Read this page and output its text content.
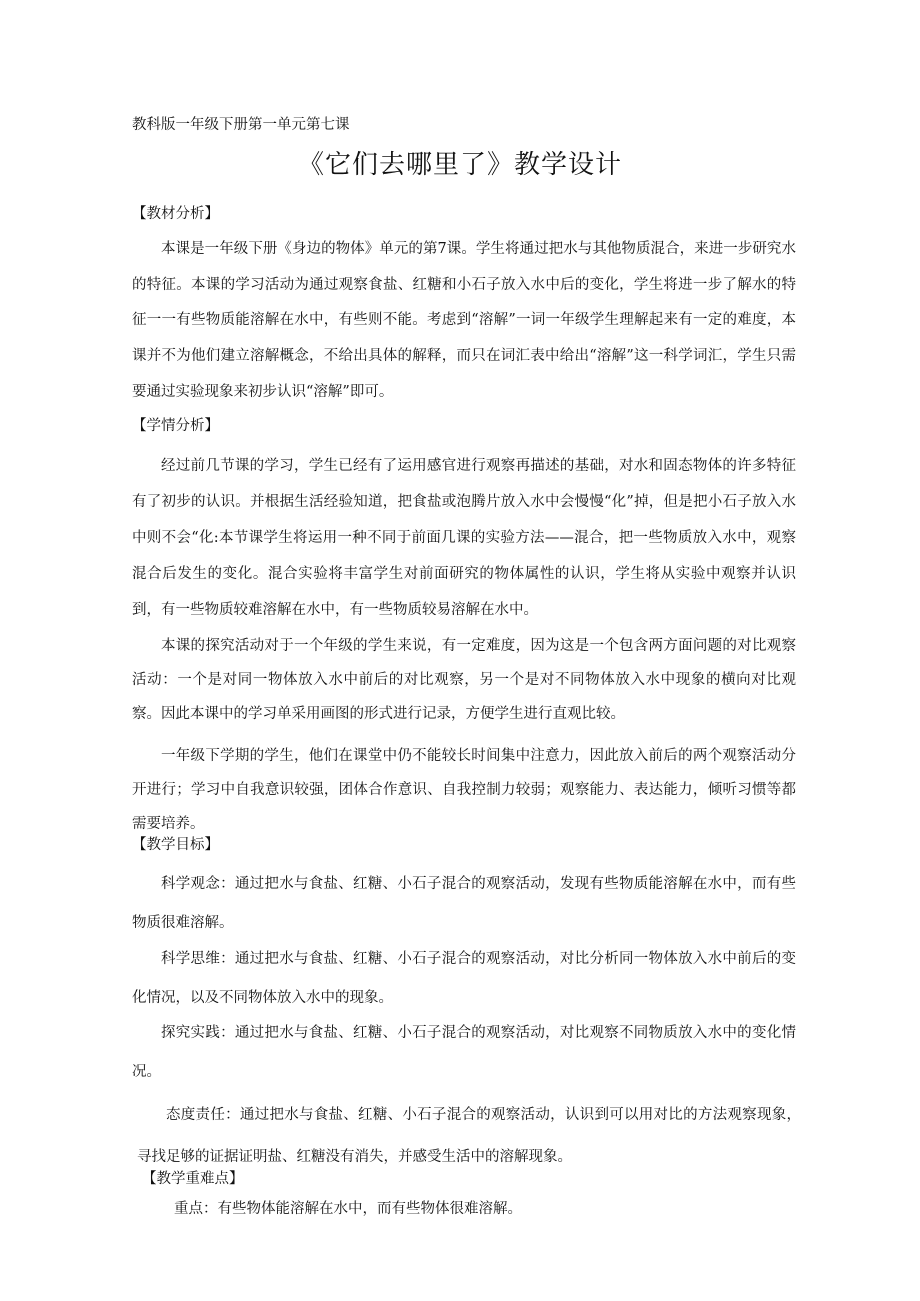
教科版一年级下册第一单元第七课

《它们去哪里了》教学设计

【教材分析】

本课是一年级下册《身边的物体》单元的第7课。学生将通过把水与其他物质混合，来进一步研究水的特征。本课的学习活动为通过观察食盐、红糖和小石子放入水中后的变化，学生将进一步了解水的特征一一有些物质能溶解在水中，有些则不能。考虑到“溶解”一词一年级学生理解起来有一定的难度，本课并不为他们建立溶解概念，不给出具体的解释，而只在词汇表中给出“溶解”这一科学词汇，学生只需要通过实验现象来初步认识“溶解”即可。

【学情分析】

经过前几节课的学习，学生已经有了运用感官进行观察再描述的基础，对水和固态物体的许多特征有了初步的认识。并根据生活经验知道，把食盐或泡腾片放入水中会慢慢“化”掉，但是把小石子放入水中则不会“化:本节课学生将运用一种不同于前面几课的实验方法——混合，把一些物质放入水中，观察混合后发生的变化。混合实验将丰富学生对前面研究的物体属性的认识，学生将从实验中观察并认识到，有一些物质较难溶解在水中，有一些物质较易溶解在水中。

本课的探究活动对于一个年级的学生来说，有一定难度，因为这是一个包含两方面问题的对比观察活动：一个是对同一物体放入水中前后的对比观察，另一个是对不同物体放入水中现象的横向对比观察。因此本课中的学习单采用画图的形式进行记录，方便学生进行直观比较。

一年级下学期的学生，他们在课堂中仍不能较长时间集中注意力，因此放入前后的两个观察活动分开进行；学习中自我意识较强，团体合作意识、自我控制力较弱；观察能力、表达能力，倾听习惯等都需要培养。

【教学目标】

科学观念：通过把水与食盐、红糖、小石子混合的观察活动，发现有些物质能溶解在水中，而有些物质很难溶解。

科学思维：通过把水与食盐、红糖、小石子混合的观察活动，对比分析同一物体放入水中前后的变化情况，以及不同物体放入水中的现象。

探究实践：通过把水与食盐、红糖、小石子混合的观察活动，对比观察不同物质放入水中的变化情况。

态度责任：通过把水与食盐、红糖、小石子混合的观察活动，认识到可以用对比的方法观察现象，寻找足够的证据证明盐、红糖没有消失，并感受生活中的溶解现象。

【教学重难点】

重点：有些物体能溶解在水中，而有些物体很难溶解。
